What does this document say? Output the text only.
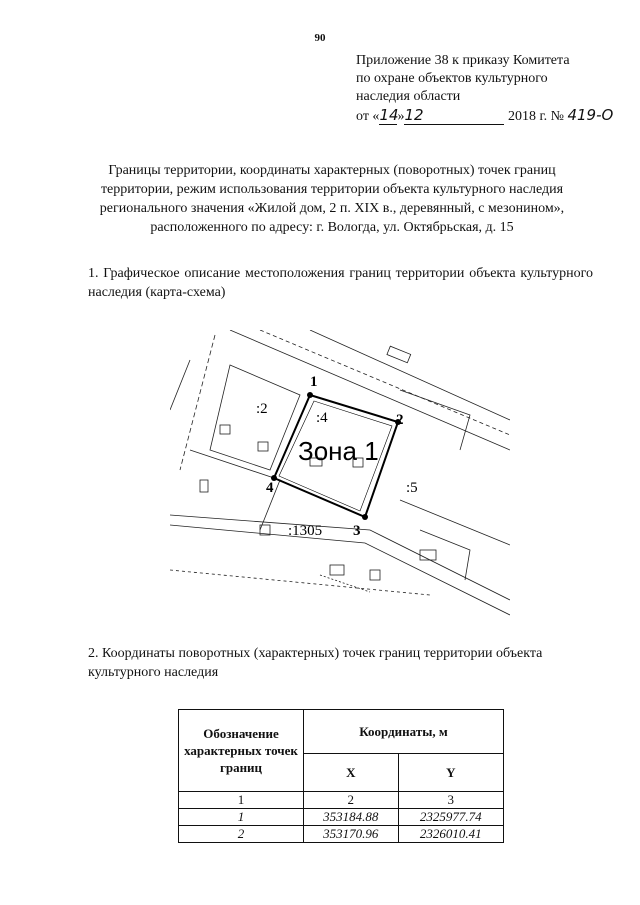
90
Приложение 38 к приказу Комитета
по охране объектов культурного
наследия области
от «14»12	2018 г. № 419-О
Границы территории, координаты характерных (поворотных) точек границ территории, режим использования территории объекта культурного наследия регионального значения «Жилой дом, 2 п. XIX в., деревянный, с мезонином», расположенного по адресу: г. Вологда, ул. Октябрьская, д. 15
1. Графическое описание местоположения границ территории объекта культурного наследия (карта-схема)
Зона 1
:2
:4
:5
:1305
1
2
3
4
2. Координаты поворотных (характерных) точек границ территории объекта культурного наследия
Обозначение характерных точек границ	Координаты, м	
	X	Y
1	2	3
1	353184.88	2325977.74
2	353170.96	2326010.41
